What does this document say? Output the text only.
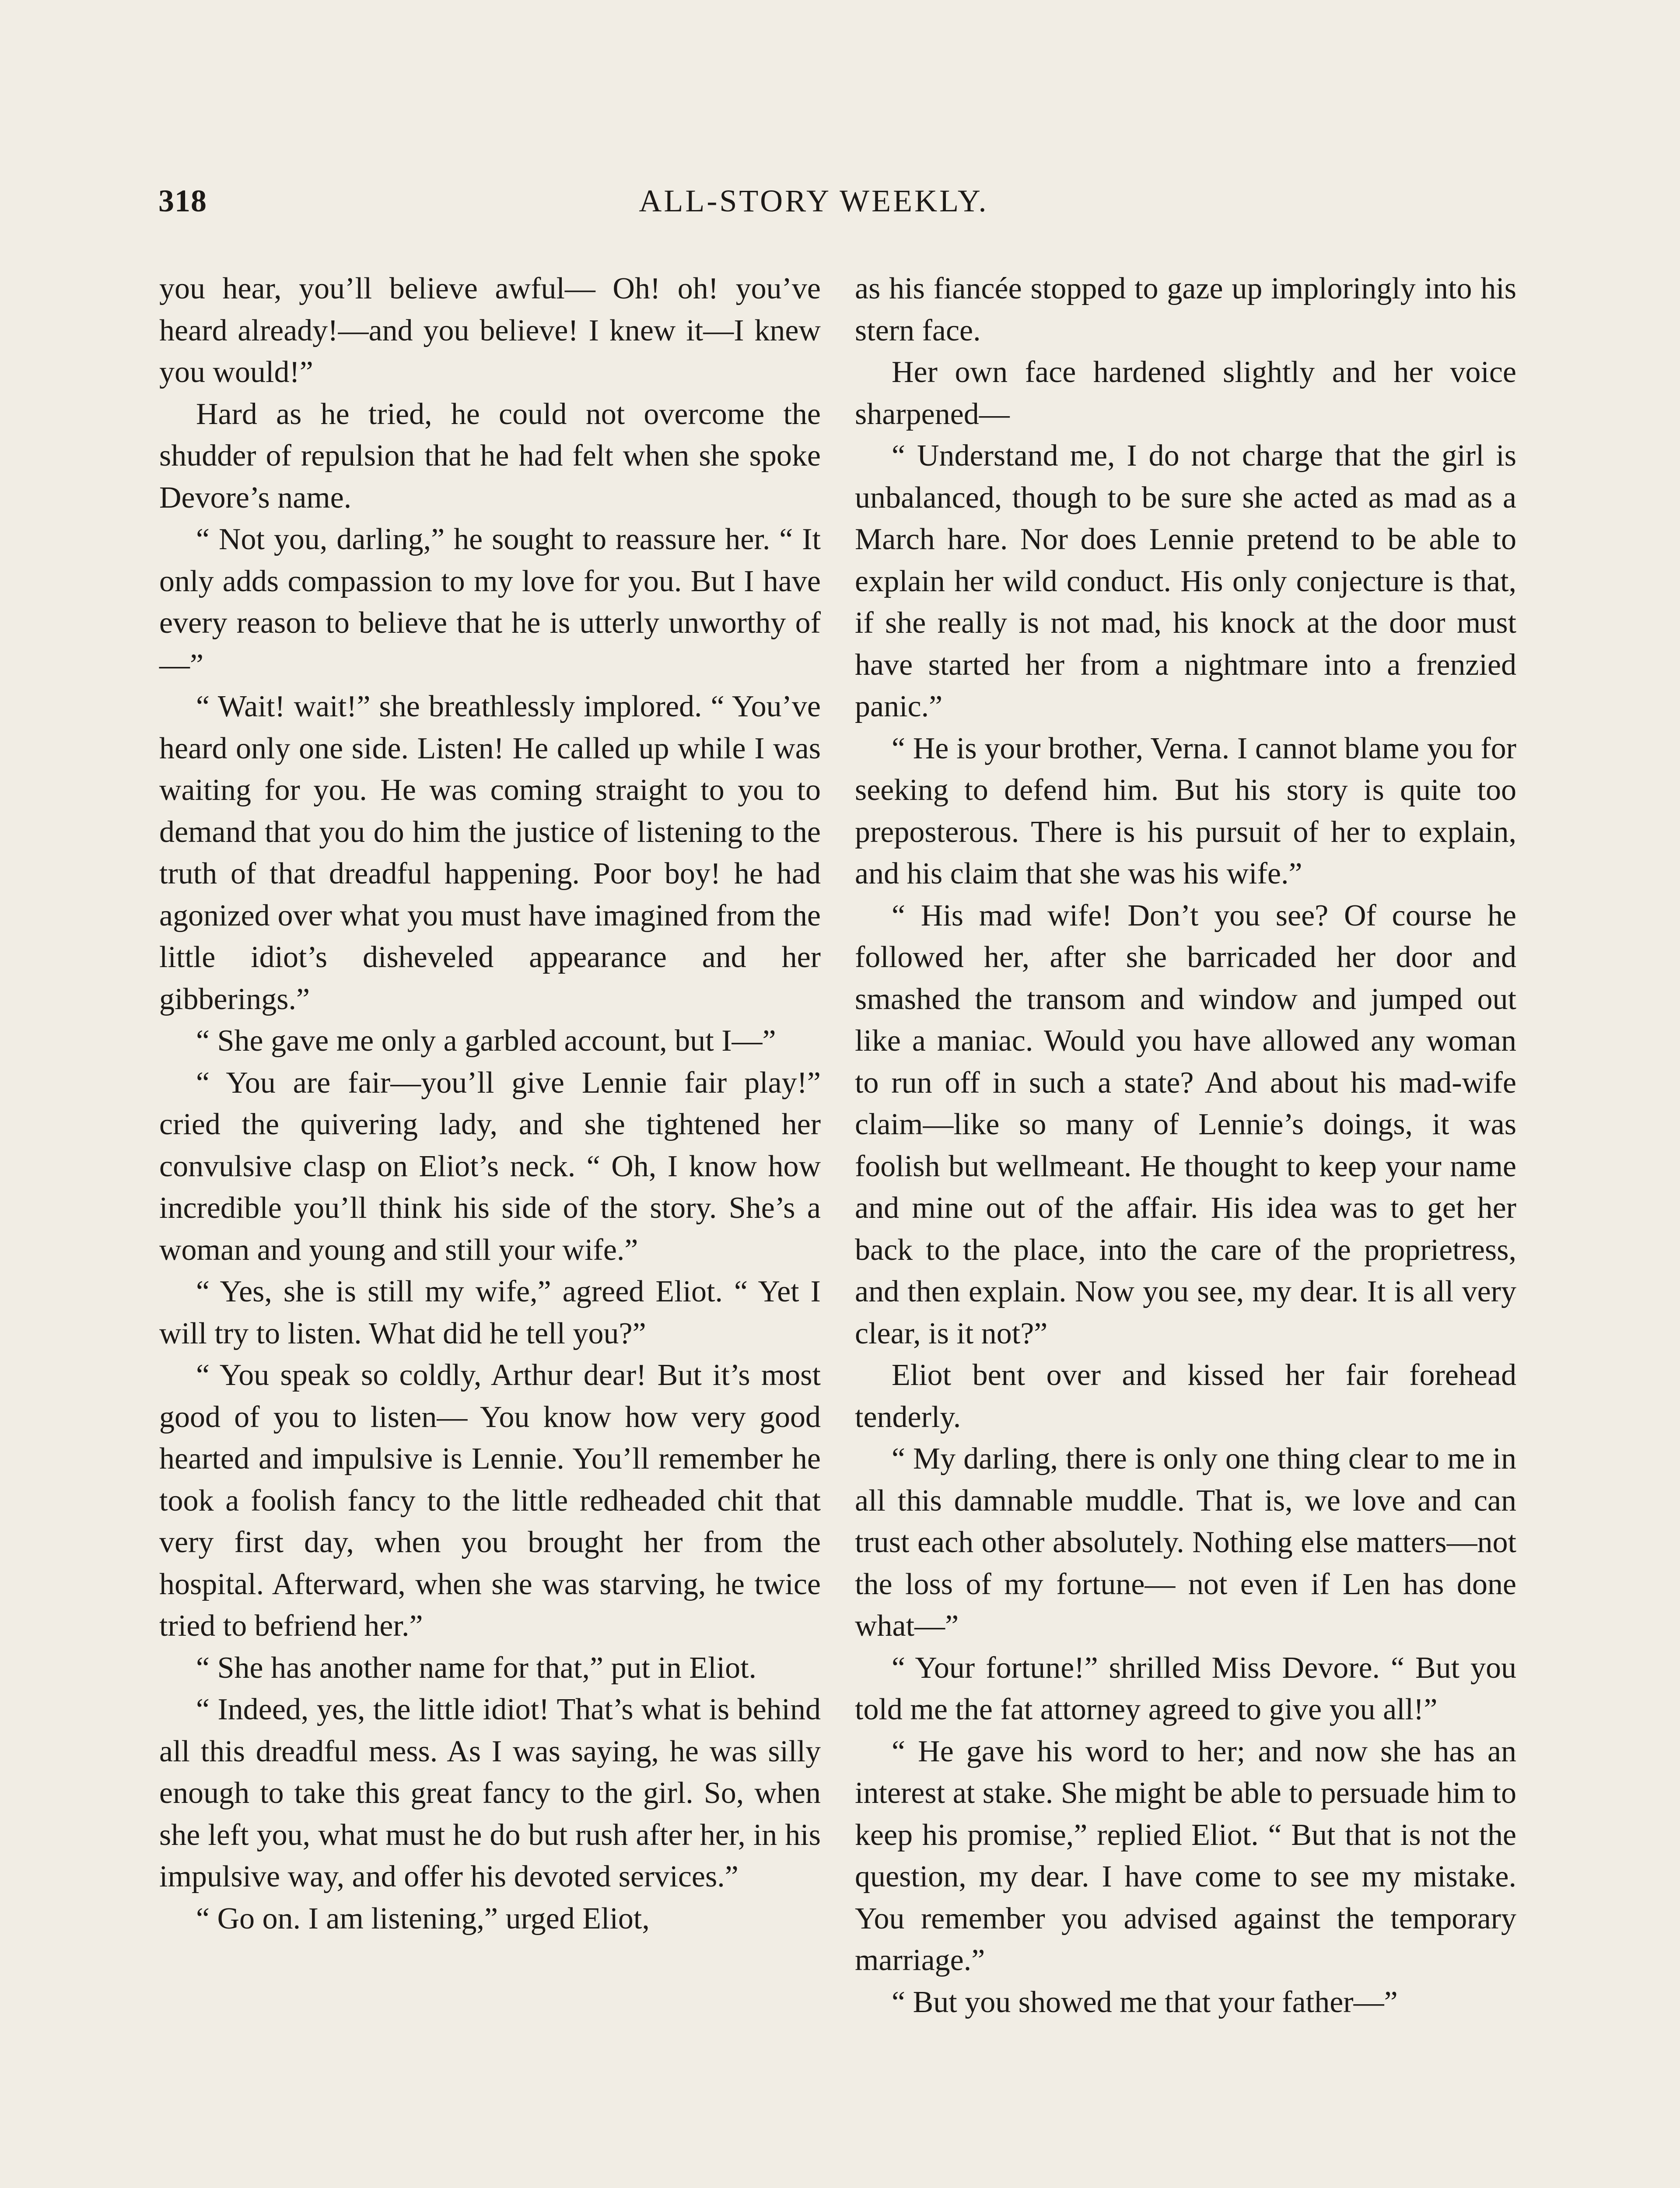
318	ALL-STORY WEEKLY.

you hear, you’ll believe awful— Oh! oh! you’ve heard already!—and you believe! I knew it—I knew you would!”

Hard as he tried, he could not overcome the shudder of repulsion that he had felt when she spoke Devore’s name.

“ Not you, darling,” he sought to reassure her. “ It only adds compassion to my love for you. But I have every reason to believe that he is utterly unworthy of—”

“ Wait! wait!” she breathlessly implored. “ You’ve heard only one side. Listen! He called up while I was waiting for you. He was coming straight to you to demand that you do him the justice of listening to the truth of that dreadful happening. Poor boy! he had agonized over what you must have imagined from the little idiot’s disheveled appearance and her gibberings.”

“ She gave me only a garbled account, but I—”

“ You are fair—you’ll give Lennie fair play!” cried the quivering lady, and she tightened her convulsive clasp on Eliot’s neck. “ Oh, I know how incredible you’ll think his side of the story. She’s a woman and young and still your wife.”

“ Yes, she is still my wife,” agreed Eliot. “ Yet I will try to listen. What did he tell you?”

“ You speak so coldly, Arthur dear! But it’s most good of you to listen— You know how very good hearted and impulsive is Lennie. You’ll remember he took a foolish fancy to the little redheaded chit that very first day, when you brought her from the hospital. Afterward, when she was starving, he twice tried to befriend her.”

“ She has another name for that,” put in Eliot.

“ Indeed, yes, the little idiot! That’s what is behind all this dreadful mess. As I was saying, he was silly enough to take this great fancy to the girl. So, when she left you, what must he do but rush after her, in his impulsive way, and offer his devoted services.”

“ Go on. I am listening,” urged Eliot,

as his fiancée stopped to gaze up imploringly into his stern face.

Her own face hardened slightly and her voice sharpened—

“ Understand me, I do not charge that the girl is unbalanced, though to be sure she acted as mad as a March hare. Nor does Lennie pretend to be able to explain her wild conduct. His only conjecture is that, if she really is not mad, his knock at the door must have started her from a nightmare into a frenzied panic.”

“ He is your brother, Verna. I cannot blame you for seeking to defend him. But his story is quite too preposterous. There is his pursuit of her to explain, and his claim that she was his wife.”

“ His mad wife! Don’t you see? Of course he followed her, after she barricaded her door and smashed the transom and window and jumped out like a maniac. Would you have allowed any woman to run off in such a state? And about his mad-wife claim—like so many of Lennie’s doings, it was foolish but wellmeant. He thought to keep your name and mine out of the affair. His idea was to get her back to the place, into the care of the proprietress, and then explain. Now you see, my dear. It is all very clear, is it not?”

Eliot bent over and kissed her fair forehead tenderly.

“ My darling, there is only one thing clear to me in all this damnable muddle. That is, we love and can trust each other absolutely. Nothing else matters—not the loss of my fortune— not even if Len has done what—”

“ Your fortune!” shrilled Miss Devore. “ But you told me the fat attorney agreed to give you all!”

“ He gave his word to her; and now she has an interest at stake. She might be able to persuade him to keep his promise,” replied Eliot. “ But that is not the question, my dear. I have come to see my mistake. You remember you advised against the temporary marriage.”

“ But you showed me that your father—”
